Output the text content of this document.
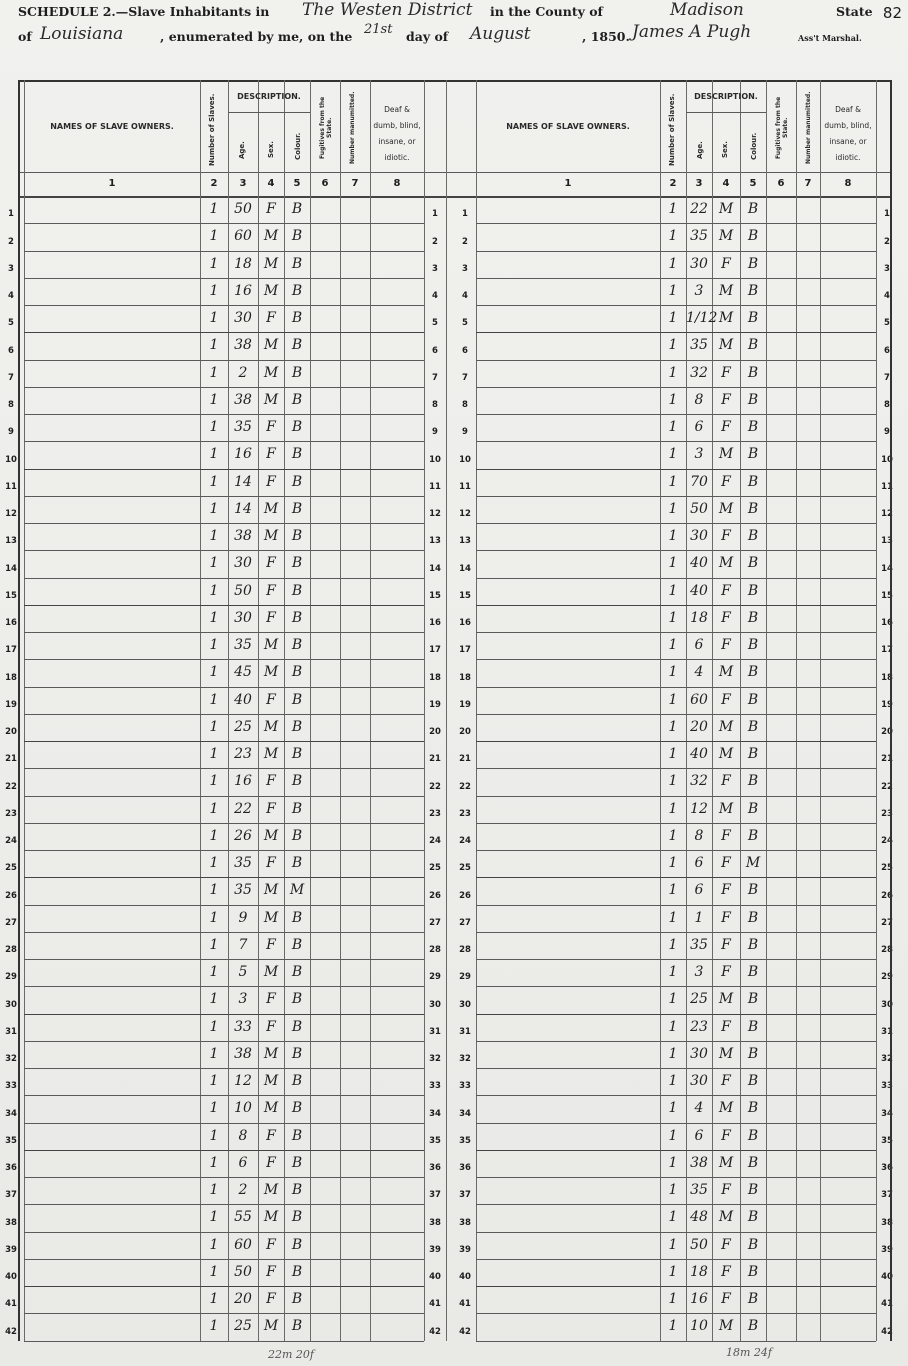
SCHEDULE 2.—Slave Inhabitants in The Westen District in the County of	Madison	State 82
of Louisiana	, enumerated by me, on the 21st day of August	, 1850. James A Pugh	Ass't Marshal.
NAMES OF SLAVE OWNERS.	Number of Slaves.	DESCRIPTION.
Age.	Sex.	Colour.	Fugitives from the State.	Number manumitted.	Deaf & dumb, blind, insane, or idiotic.
1	2	3	4	5	6	7	8
1	1
1	50	F	B
2	2
1	60 M B
3	3
1	18 M B
4	4
1	16 M B
5	5
1	30	F	B
6	6
1	38 M B
7	7
1	2	M B
8	8
1	38 M B
9	9
1	35	F	B
10	10
1	16	F	B
11	11
1	14	F	B
12	12
1	14 M B
13	13
1	38 M B
14	14
1	30	F	B
15	15
1	50	F	B
16	16
1	30	F	B
17	17
1	35 M B
18	18
1	45 M B
19	19
1	40	F	B
20	20
1	25 M B
21	21
1	23 M B
22	22
1	16	F	B
23	23
1	22	F	B
24	24
1	26 M B
25	25
1	35	F	B
26	26
1	35 M M
27	27
1	9	M B
28	28
1	7	F	B
29	29
1	5	M B
30	30
1	3	F	B
31	31
1	33	F	B
32	32
1	38 M B
33	33
1	12 M B
34	34
1	10 M B
35	35
1	8	F	B
36	36
1	6	F	B
37	37
1	2	M B
38	38
1	55 M B
39	39
1	60	F	B
40	40
1	50	F	B
41	41
1	20	F	B
42	42
1	25 M B
NAMES OF SLAVE OWNERS.	Number of Slaves.	DESCRIPTION.
Age. Sex.	Colour.	Fugitives from the State.	Number manumitted.	Deaf & dumb, blind, insane, or idiotic.
1	2	3	4	5	6	7	8
1	1
1 22 M	B
2	2
1 35 M	B
3	3
1 30 F	B
4	4
1	3	M	B
5	5
1 1/12 M	B
6	6
1 35 M	B
7	7
1 32 F	B
8	8
1	8	F	B
9	9
1	6	F	B
10	10
1	3	M	B
11	11
1 70 F	B
12	12
1 50 M	B
13	13
1 30 F	B
14	14
1 40 M	B
15	15
1 40 F	B
16	16
1 18 F	B
17	17
1	6	F	B
18	18
1	4	M	B
19	19
1 60 F	B
20	20
1 20 M	B
21	21
1 40 M	B
22	22
1 32 F	B
23	23
1 12 M	B
24	24
1	8	F	B
25	25
1	6	F	M
26	26
1	6	F	B
27	27
1	1	F	B
28	28
1 35 F	B
29	29
1	3	F	B
30	30
1 25 M	B
31	31
1 23 F	B
32	32
1 30 M	B
33	33
1 30 F	B
34	34
1	4	M	B
35	35
1	6	F	B
36	36
1 38 M	B
37	37
1 35 F	B
38	38
1 48 M	B
39	39
1 50 F	B
40	40
1 18 F	B
41	41
1 16 F	B
42	42
1 10 M	B
22m 20f	18m 24f
